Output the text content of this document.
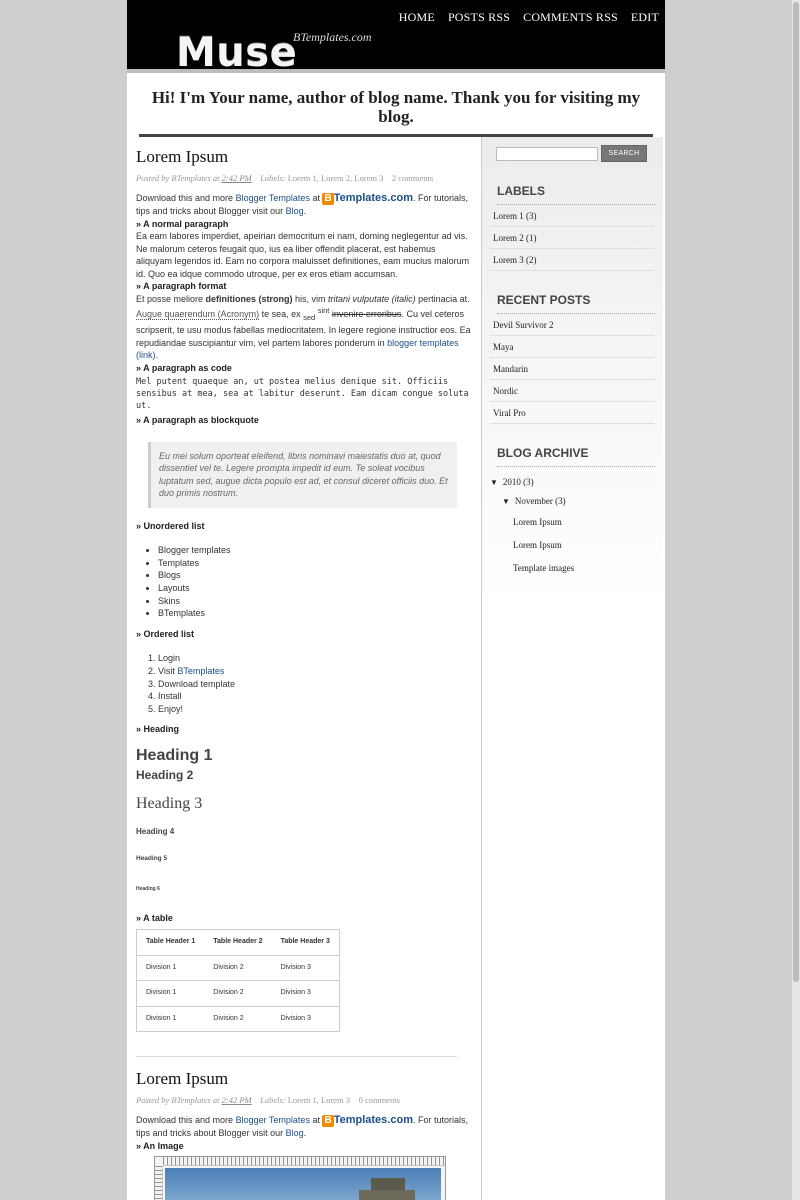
HOME POSTS RSS COMMENTS RSS EDIT
Muse
BTemplates.com
Hi! I'm Your name, author of blog name. Thank you for visiting my blog.
Lorem Ipsum
Posted by BTemplates at 2:42 PM Labels: Lorem 1, Lorem 2, Lorem 3 2 comments
Download this and more Blogger Templates at B Templates.com. For tutorials, tips and tricks about Blogger visit our Blog.
» A normal paragraph
Ea eam labores imperdiet, apeirian democritum ei nam, doming neglegentur ad vis. Ne malorum ceteros feugait quo, ius ea liber offendit placerat, est habemus aliquyam legendos id. Eam no corpora maluisset definitiones, eam mucius malorum id. Quo ea idque commodo utroque, per ex eros etiam accumsan.
» A paragraph format
Et posse meliore definitiones (strong) his, vim tritani vulputate (italic) pertinacia at. Augue quaerendum (Acronym) te sea, ex $_{sed}$ $^{sint}$ invenire erroribus. Cu vel ceteros scripserit, te usu modus fabellas mediocritatem. In legere regione instructior eos. Ea repudiandae suscipiantur vim, vel partem labores ponderum in blogger templates (link).
» A paragraph as code
Mel putent quaeque an, ut postea melius denique sit. Officiis sensibus at mea, sea at labitur deserunt. Eam dicam congue soluta ut.
» A paragraph as blockquote
Eu mei solum oporteat eleifend, libris nominavi maiestatis duo at, quod dissentiet vel te. Legere prompta impedit id eum. Te soleat vocibus luptatum sed, augue dicta populo est ad, et consul diceret officiis duo. Et duo primis nostrum.
» Unordered list
• Blogger templates
• Templates
• Blogs
• Layouts
• Skins
• BTemplates
» Ordered list
1. Login
2. Visit BTemplates
3. Download template
4. Install
5. Enjoy!
» Heading
Heading 1
Heading 2
Heading 3
Heading 4
Heading 5
Heading 6
» A table
Table Header 1	Table Header 2	Table Header 3
Division 1	Division 2	Division 3
Division 1	Division 2	Division 3
Division 1	Division 2	Division 3
Lorem Ipsum
Posted by BTemplates at 2:42 PM Labels: Lorem 1, Lorem 3 0 comments
Download this and more Blogger Templates at B Templates.com. For tutorials, tips and tricks about Blogger visit our Blog.
» An Image
SEARCH
LABELS
Lorem 1 (3)
Lorem 2 (1)
Lorem 3 (2)
RECENT POSTS
Devil Survivor 2
Maya
Mandarin
Nordic
Viral Pro
BLOG ARCHIVE
▼ 2010 (3)
▼ November (3)
Lorem Ipsum
Lorem Ipsum
Template images
